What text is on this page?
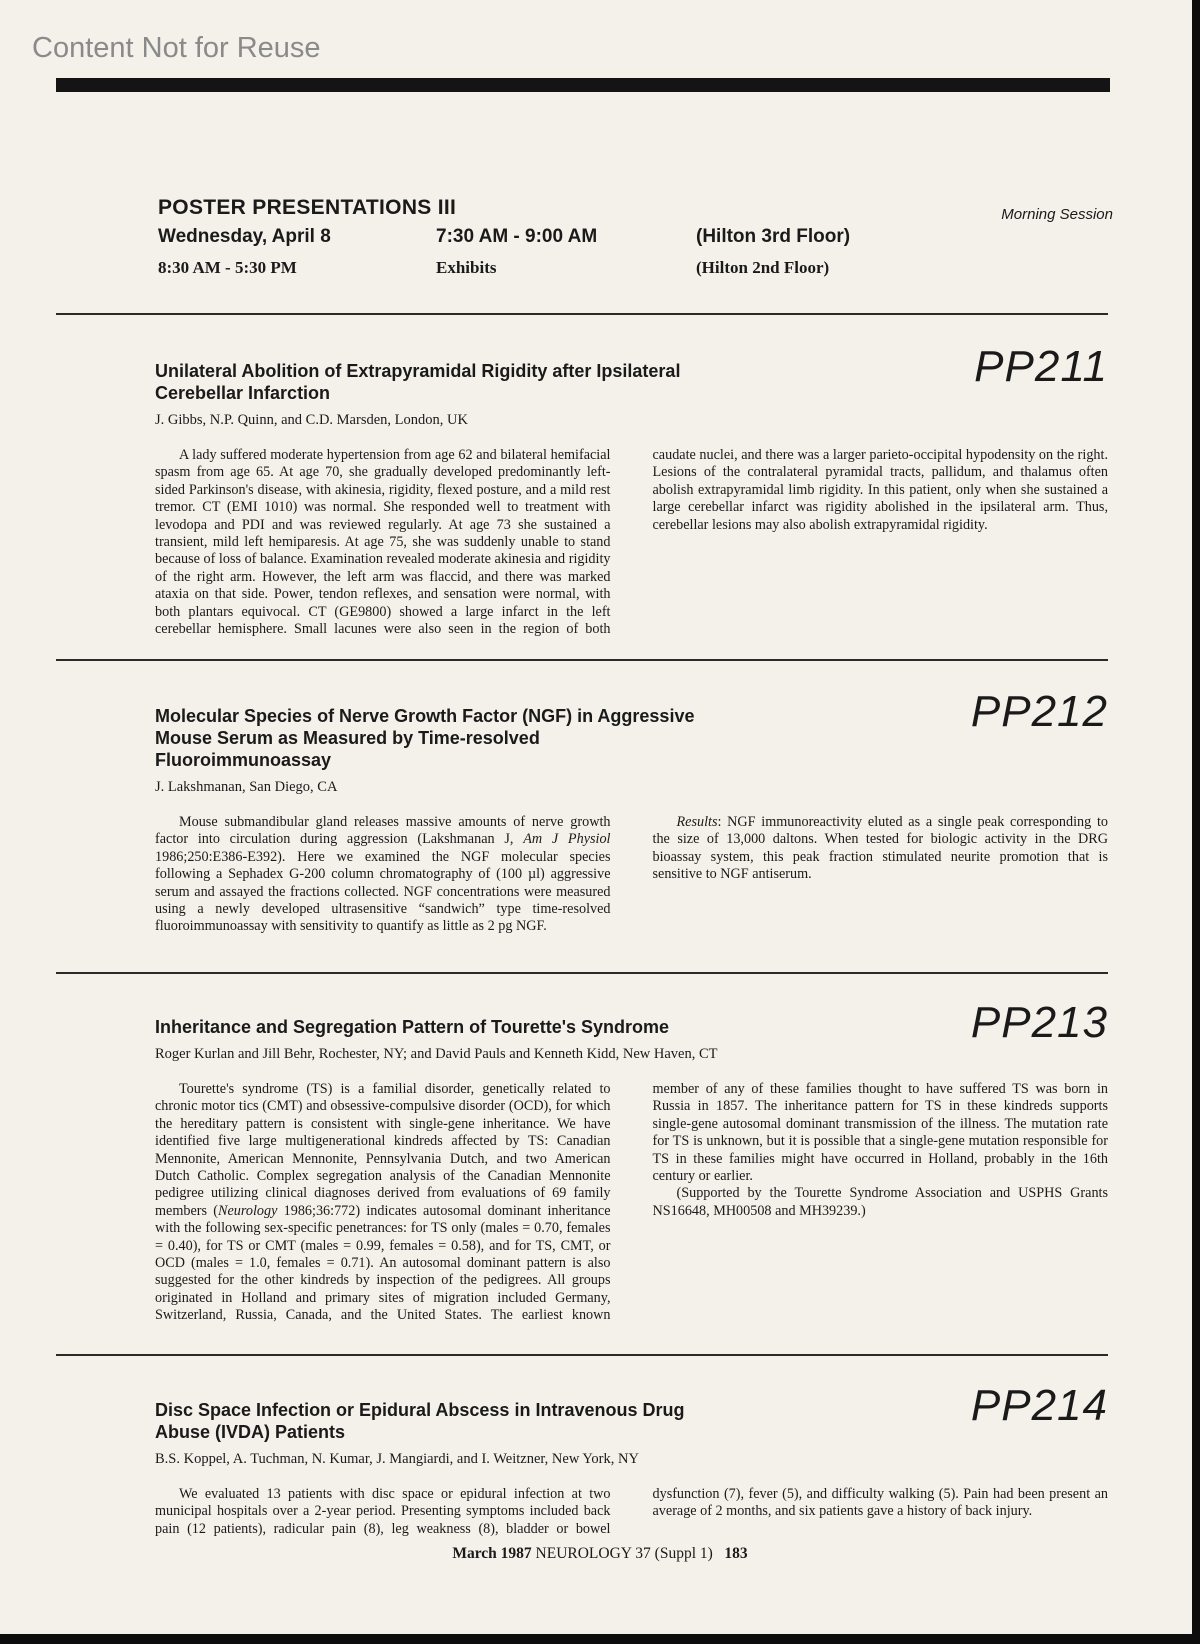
Content Not for Reuse
POSTER PRESENTATIONS III	Morning Session
Wednesday, April 8	7:30 AM - 9:00 AM	(Hilton 3rd Floor)
8:30 AM - 5:30 PM	Exhibits	(Hilton 2nd Floor)
PP211
Unilateral Abolition of Extrapyramidal Rigidity after Ipsilateral Cerebellar Infarction
J. Gibbs, N.P. Quinn, and C.D. Marsden, London, UK

A lady suffered moderate hypertension from age 62 and bilateral hemifacial spasm from age 65. At age 70, she gradually developed predominantly left-sided Parkinson's disease, with akinesia, rigidity, flexed posture, and a mild rest tremor. CT (EMI 1010) was normal. She responded well to treatment with levodopa and PDI and was reviewed regularly. At age 73 she sustained a transient, mild left hemiparesis. At age 75, she was suddenly unable to stand because of loss of balance. Examination revealed moderate akinesia and rigidity of the right arm. However, the left arm was flaccid, and there was marked ataxia on that side. Power, tendon reflexes, and sensation were normal, with both plantars equivocal. CT (GE9800) showed a large infarct in the left cerebellar hemisphere. Small lacunes were also seen in the region of both caudate nuclei, and there was a larger parieto-occipital hypodensity on the right. Lesions of the contralateral pyramidal tracts, pallidum, and thalamus often abolish extrapyramidal limb rigidity. In this patient, only when she sustained a large cerebellar infarct was rigidity abolished in the ipsilateral arm. Thus, cerebellar lesions may also abolish extrapyramidal rigidity.

PP212
Molecular Species of Nerve Growth Factor (NGF) in Aggressive Mouse Serum as Measured by Time-resolved Fluoroimmunoassay
J. Lakshmanan, San Diego, CA

Mouse submandibular gland releases massive amounts of nerve growth factor into circulation during aggression (Lakshmanan J, Am J Physiol 1986;250:E386-E392). Here we examined the NGF molecular species following a Sephadex G-200 column chromatography of (100 µl) aggressive serum and assayed the fractions collected. NGF concentrations were measured using a newly developed ultrasensitive “sandwich” type time-resolved fluoroimmunoassay with sensitivity to quantify as little as 2 pg NGF.

Results: NGF immunoreactivity eluted as a single peak corresponding to the size of 13,000 daltons. When tested for biologic activity in the DRG bioassay system, this peak fraction stimulated neurite promotion that is sensitive to NGF antiserum.

PP213
Inheritance and Segregation Pattern of Tourette's Syndrome
Roger Kurlan and Jill Behr, Rochester, NY; and David Pauls and Kenneth Kidd, New Haven, CT

Tourette's syndrome (TS) is a familial disorder, genetically related to chronic motor tics (CMT) and obsessive-compulsive disorder (OCD), for which the hereditary pattern is consistent with single-gene inheritance. We have identified five large multigenerational kindreds affected by TS: Canadian Mennonite, American Mennonite, Pennsylvania Dutch, and two American Dutch Catholic. Complex segregation analysis of the Canadian Mennonite pedigree utilizing clinical diagnoses derived from evaluations of 69 family members (Neurology 1986;36:772) indicates autosomal dominant inheritance with the following sex-specific penetrances: for TS only (males = 0.70, females = 0.40), for TS or CMT (males = 0.99, females = 0.58), and for TS, CMT, or OCD (males = 1.0, females = 0.71). An autosomal dominant pattern is also suggested for the other kindreds by inspection of the pedigrees. All groups originated in Holland and primary sites of migration included Germany, Switzerland, Russia, Canada, and the United States. The earliest known member of any of these families thought to have suffered TS was born in Russia in 1857. The inheritance pattern for TS in these kindreds supports single-gene autosomal dominant transmission of the illness. The mutation rate for TS is unknown, but it is possible that a single-gene mutation responsible for TS in these families might have occurred in Holland, probably in the 16th century or earlier.

(Supported by the Tourette Syndrome Association and USPHS Grants NS16648, MH00508 and MH39239.)

PP214
Disc Space Infection or Epidural Abscess in Intravenous Drug Abuse (IVDA) Patients
B.S. Koppel, A. Tuchman, N. Kumar, J. Mangiardi, and I. Weitzner, New York, NY

We evaluated 13 patients with disc space or epidural infection at two municipal hospitals over a 2-year period. Presenting symptoms included back pain (12 patients), radicular pain (8), leg weakness (8), bladder or bowel dysfunction (7), fever (5), and difficulty walking (5). Pain had been present an average of 2 months, and six patients gave a history of back injury.

March 1987 NEUROLOGY 37 (Suppl 1) 183
